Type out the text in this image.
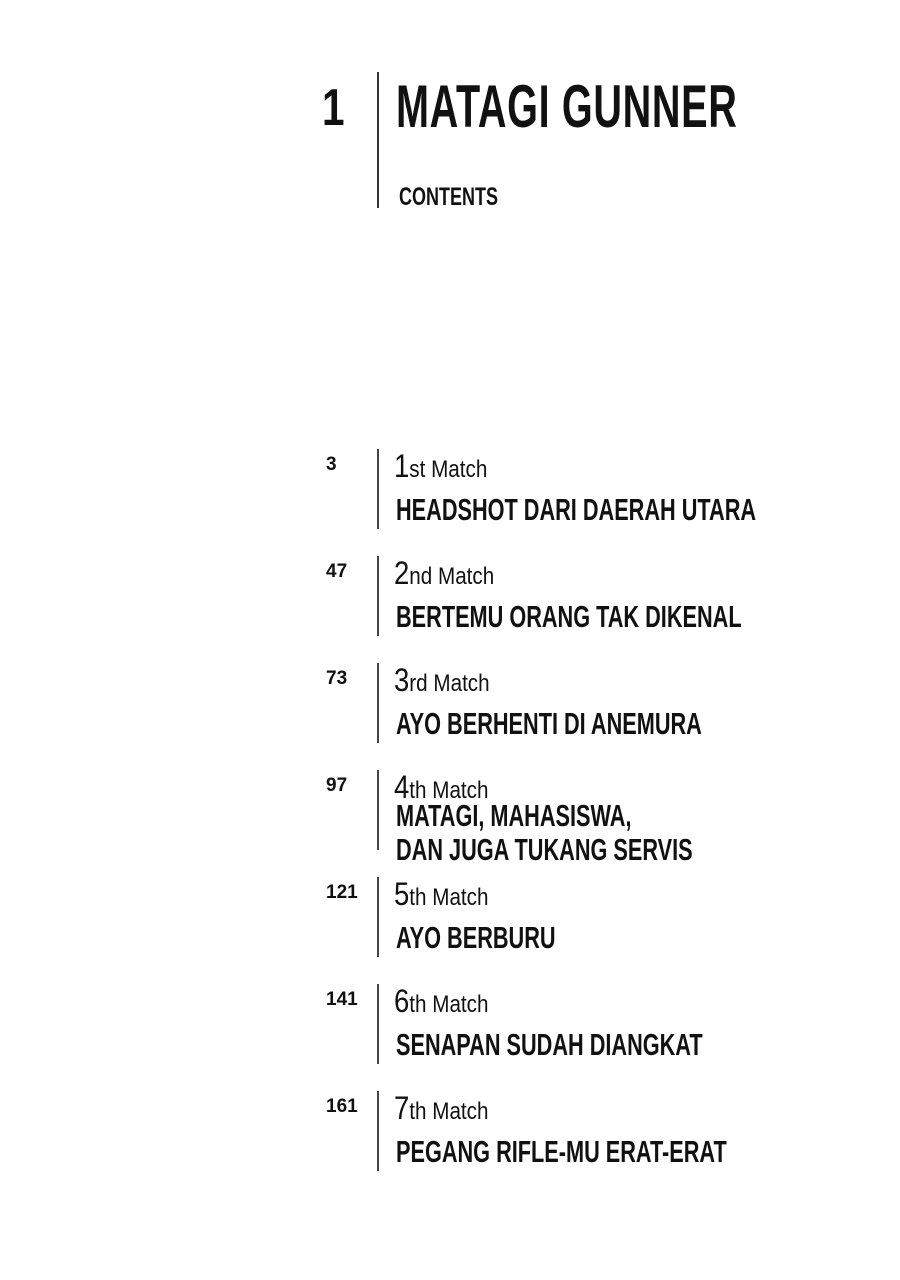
1 MATAGI GUNNER
CONTENTS
3 1st Match
HEADSHOT DARI DAERAH UTARA
47 2nd Match
BERTEMU ORANG TAK DIKENAL
73 3rd Match
AYO BERHENTI DI ANEMURA
97 4th Match
MATAGI, MAHASISWA,
DAN JUGA TUKANG SERVIS
121 5th Match
AYO BERBURU
141 6th Match
SENAPAN SUDAH DIANGKAT
161 7th Match
PEGANG RIFLE-MU ERAT-ERAT
